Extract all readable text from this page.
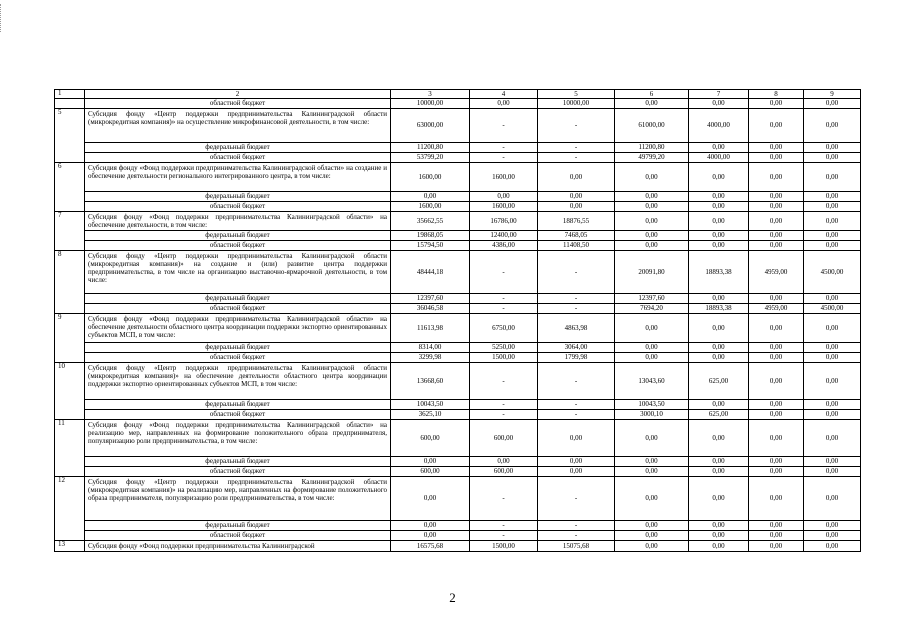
1	2	3	4	5	6	7	8	9
	областной бюджет	10000,00	0,00	10000,00	0,00	0,00	0,00	0,00
5	Субсидия фонду «Центр поддержки предпринимательства Калининградской области (микрокредитная компания)» на осуществление микрофинансовой деятельности, в том числе:	63000,00	-	-	61000,00	4000,00	0,00	0,00
	федеральный бюджет	11200,80	-	-	11200,80	0,00	0,00	0,00
	областной бюджет	53799,20	-	-	49799,20	4000,00	0,00	0,00
6	Субсидия фонду «Фонд поддержки предпринимательства Калининградской области» на создание и обеспечение деятельности регионального интегрированного центра, в том числе:	1600,00	1600,00	0,00	0,00	0,00	0,00	0,00
	федеральный бюджет	0,00	0,00	0,00	0,00	0,00	0,00	0,00
	областной бюджет	1600,00	1600,00	0,00	0,00	0,00	0,00	0,00
7	Субсидия фонду «Фонд поддержки предпринимательства Калининградской области» на обеспечение деятельности, в том числе:	35662,55	16786,00	18876,55	0,00	0,00	0,00	0,00
	федеральный бюджет	19868,05	12400,00	7468,05	0,00	0,00	0,00	0,00
	областной бюджет	15794,50	4386,00	11408,50	0,00	0,00	0,00	0,00
8	Субсидия фонду «Центр поддержки предпринимательства Калининградской области (микрокредитная компания)» на создание и (или) развитие центра поддержки предпринимательства, в том числе на организацию выставочно-ярмарочной деятельности, в том числе:	48444,18	-	-	20091,80	18893,38	4959,00	4500,00
	федеральный бюджет	12397,60	-	-	12397,60	0,00	0,00	0,00
	областной бюджет	36046,58	-	-	7694,20	18893,38	4959,00	4500,00
9	Субсидия фонду «Фонд поддержки предпринимательства Калининградской области» на обеспечение деятельности областного центра координации поддержки экспортно ориентированных субъектов МСП, в том числе:	11613,98	6750,00	4863,98	0,00	0,00	0,00	0,00
	федеральный бюджет	8314,00	5250,00	3064,00	0,00	0,00	0,00	0,00
	областной бюджет	3299,98	1500,00	1799,98	0,00	0,00	0,00	0,00
10	Субсидия фонду «Центр поддержки предпринимательства Калининградской области (микрокредитная компания)» на обеспечение деятельности областного центра координации поддержки экспортно ориентированных субъектов МСП, в том числе:	13668,60	-	-	13043,60	625,00	0,00	0,00
	федеральный бюджет	10043,50	-	-	10043,50	0,00	0,00	0,00
	областной бюджет	3625,10	-	-	3000,10	625,00	0,00	0,00
11	Субсидия фонду «Фонд поддержки предпринимательства Калининградской области» на реализацию мер, направленных на формирование положительного образа предпринимателя, популяризацию роли предпринимательства, в том числе:	600,00	600,00	0,00	0,00	0,00	0,00	0,00
	федеральный бюджет	0,00	0,00	0,00	0,00	0,00	0,00	0,00
	областной бюджет	600,00	600,00	0,00	0,00	0,00	0,00	0,00
12	Субсидия фонду «Центр поддержки предпринимательства Калининградской области (микрокредитная компания)» на реализацию мер, направленных на формирование положительного образа предпринимателя, популяризацию роли предпринимательства, в том числе:	0,00	-	-	0,00	0,00	0,00	0,00
	федеральный бюджет	0,00	-	-	0,00	0,00	0,00	0,00
	областной бюджет	0,00	-	-	0,00	0,00	0,00	0,00
13	Субсидия фонду «Фонд поддержки предпринимательства Калининградской	16575,68	1500,00	15075,68	0,00	0,00	0,00	0,00
2
